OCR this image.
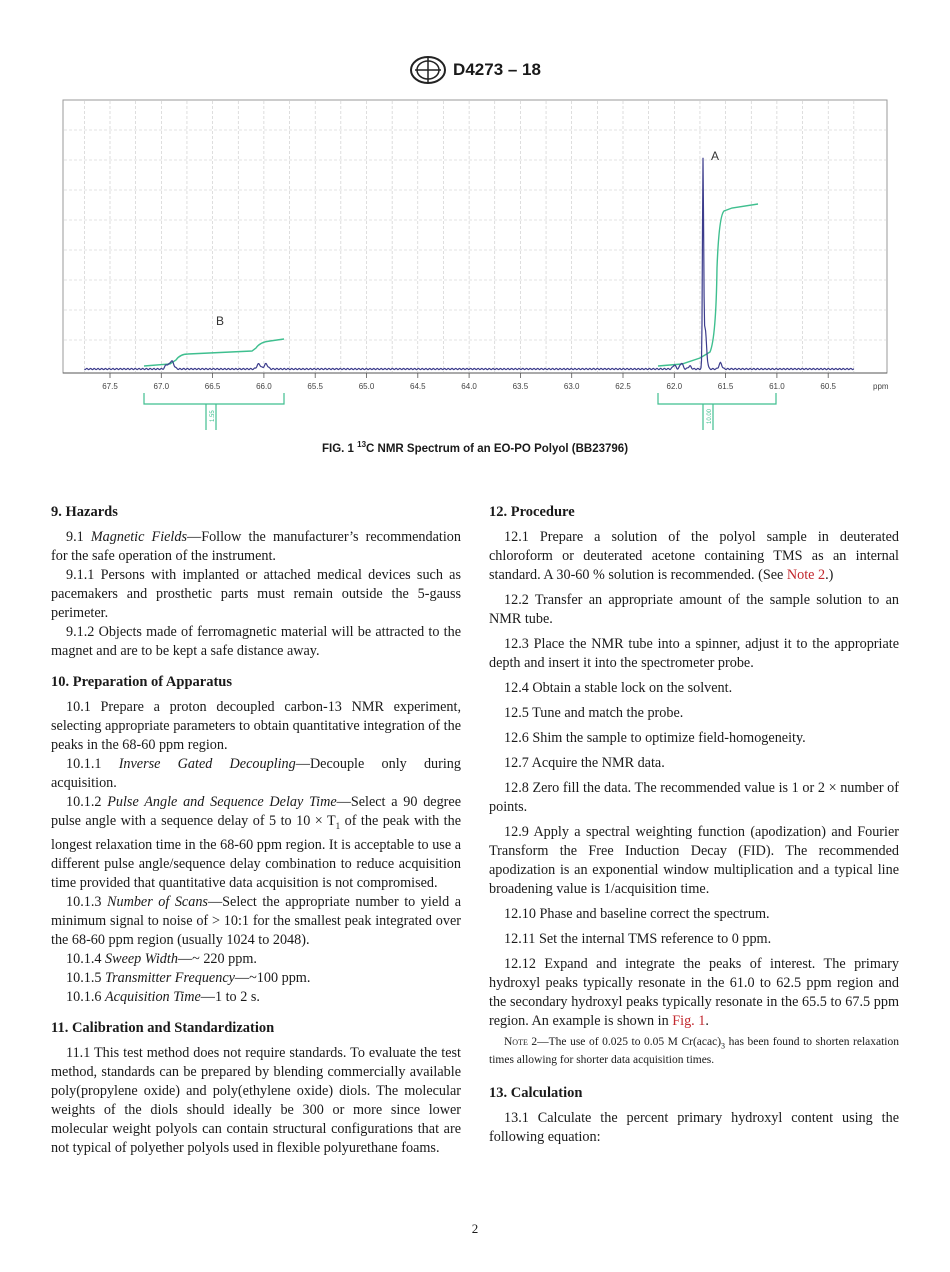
D4273 – 18
67.5	67.0	66.5	66.0	65.5	65.0	64.5	64.0	63.5	63.0	62.5	62.0	61.5	61.0	60.5	ppm
A
B
1.55	10.00
FIG. 1 $^{13}$C NMR Spectrum of an EO-PO Polyol (BB23796)
9. Hazards

9.1 Magnetic Fields—Follow the manufacturer’s recommendation for the safe operation of the instrument.

9.1.1 Persons with implanted or attached medical devices such as pacemakers and prosthetic parts must remain outside the 5-gauss perimeter.

9.1.2 Objects made of ferromagnetic material will be attracted to the magnet and are to be kept a safe distance away.

10. Preparation of Apparatus

10.1 Prepare a proton decoupled carbon-13 NMR experiment, selecting appropriate parameters to obtain quantitative integration of the peaks in the 68-60 ppm region.

10.1.1 Inverse Gated Decoupling—Decouple only during acquisition.

10.1.2 Pulse Angle and Sequence Delay Time—Select a 90 degree pulse angle with a sequence delay of 5 to $10 \times T_1$ of the peak with the longest relaxation time in the 68-60 ppm region. It is acceptable to use a different pulse angle/sequence delay combination to reduce acquisition time provided that quantitative data acquisition is not compromised.

10.1.3 Number of Scans—Select the appropriate number to yield a minimum signal to noise of > 10:1 for the smallest peak integrated over the 68-60 ppm region (usually 1024 to 2048).

10.1.4 Sweep Width—~ 220 ppm.

10.1.5 Transmitter Frequency—~100 ppm.

10.1.6 Acquisition Time—1 to 2 s.

11. Calibration and Standardization

11.1 This test method does not require standards. To evaluate the test method, standards can be prepared by blending commercially available poly(propylene oxide) and poly(ethylene oxide) diols. The molecular weights of the diols should ideally be 300 or more since lower molecular weight polyols can contain structural configurations that are not typical of polyether polyols used in flexible polyurethane foams.

12. Procedure

12.1 Prepare a solution of the polyol sample in deuterated chloroform or deuterated acetone containing TMS as an internal standard. A 30-60 % solution is recommended. (See Note 2.)

12.2 Transfer an appropriate amount of the sample solution to an NMR tube.

12.3 Place the NMR tube into a spinner, adjust it to the appropriate depth and insert it into the spectrometer probe.

12.4 Obtain a stable lock on the solvent.

12.5 Tune and match the probe.

12.6 Shim the sample to optimize field-homogeneity.

12.7 Acquire the NMR data.

12.8 Zero fill the data. The recommended value is 1 or 2 × number of points.

12.9 Apply a spectral weighting function (apodization) and Fourier Transform the Free Induction Decay (FID). The recommended apodization is an exponential window multiplication and a typical line broadening value is 1/acquisition time.

12.10 Phase and baseline correct the spectrum.

12.11 Set the internal TMS reference to 0 ppm.

12.12 Expand and integrate the peaks of interest. The primary hydroxyl peaks typically resonate in the 61.0 to 62.5 ppm region and the secondary hydroxyl peaks typically resonate in the 65.5 to 67.5 ppm region. An example is shown in Fig. 1.

Note 2—The use of 0.025 to 0.05 M $Cr(acac)_3$ has been found to shorten relaxation times allowing for shorter data acquisition times.
13. Calculation

13.1 Calculate the percent primary hydroxyl content using the following equation:

2
